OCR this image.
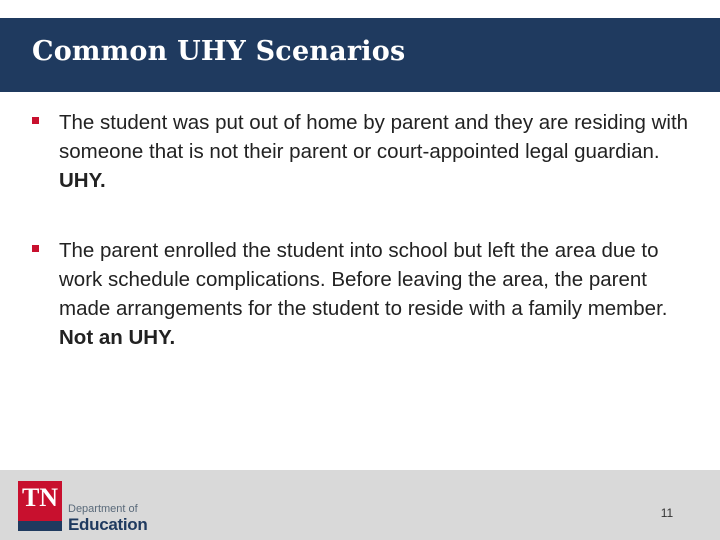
Common UHY Scenarios
The student was put out of home by parent and they are residing with someone that is not their parent or court-appointed legal guardian. UHY.
The parent enrolled the student into school but left the area due to work schedule complications. Before leaving the area, the parent made arrangements for the student to reside with a family member. Not an UHY.
TN Department of
Education
11
